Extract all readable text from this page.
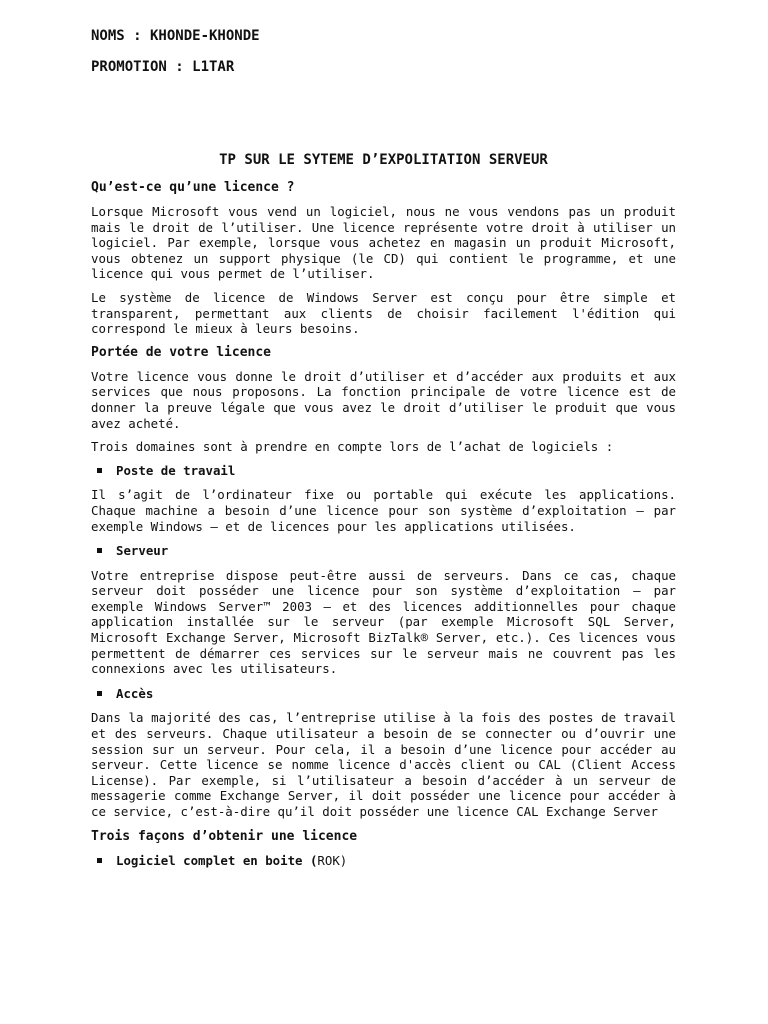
NOMS : KHONDE-KHONDE
PROMOTION : L1TAR
TP SUR LE SYTEME D’EXPOLITATION SERVEUR
Qu’est-ce qu’une licence ?
Lorsque Microsoft vous vend un logiciel, nous ne vous vendons pas un produit mais le droit de l’utiliser. Une licence représente votre droit à utiliser un logiciel. Par exemple, lorsque vous achetez en magasin un produit Microsoft, vous obtenez un support physique (le CD) qui contient le programme, et une licence qui vous permet de l’utiliser.
Le système de licence de Windows Server est conçu pour être simple et transparent, permettant aux clients de choisir facilement l'édition qui correspond le mieux à leurs besoins.
Portée de votre licence
Votre licence vous donne le droit d’utiliser et d’accéder aux produits et aux services que nous proposons. La fonction principale de votre licence est de donner la preuve légale que vous avez le droit d’utiliser le produit que vous avez acheté.
Trois domaines sont à prendre en compte lors de l’achat de logiciels :
Poste de travail
Il s’agit de l’ordinateur fixe ou portable qui exécute les applications. Chaque machine a besoin d’une licence pour son système d’exploitation – par exemple Windows – et de licences pour les applications utilisées.
Serveur
Votre entreprise dispose peut-être aussi de serveurs. Dans ce cas, chaque serveur doit posséder une licence pour son système d’exploitation – par exemple Windows Server™ 2003 – et des licences additionnelles pour chaque application installée sur le serveur (par exemple Microsoft SQL Server, Microsoft Exchange Server, Microsoft BizTalk® Server, etc.). Ces licences vous permettent de démarrer ces services sur le serveur mais ne couvrent pas les connexions avec les utilisateurs.
Accès
Dans la majorité des cas, l’entreprise utilise à la fois des postes de travail et des serveurs. Chaque utilisateur a besoin de se connecter ou d’ouvrir une session sur un serveur. Pour cela, il a besoin d’une licence pour accéder au serveur. Cette licence se nomme licence d'accès client ou CAL (Client Access License). Par exemple, si l’utilisateur a besoin d’accéder à un serveur de messagerie comme Exchange Server, il doit posséder une licence pour accéder à ce service, c’est-à-dire qu’il doit posséder une licence CAL Exchange Server
Trois façons d’obtenir une licence
Logiciel complet en boite (ROK)
